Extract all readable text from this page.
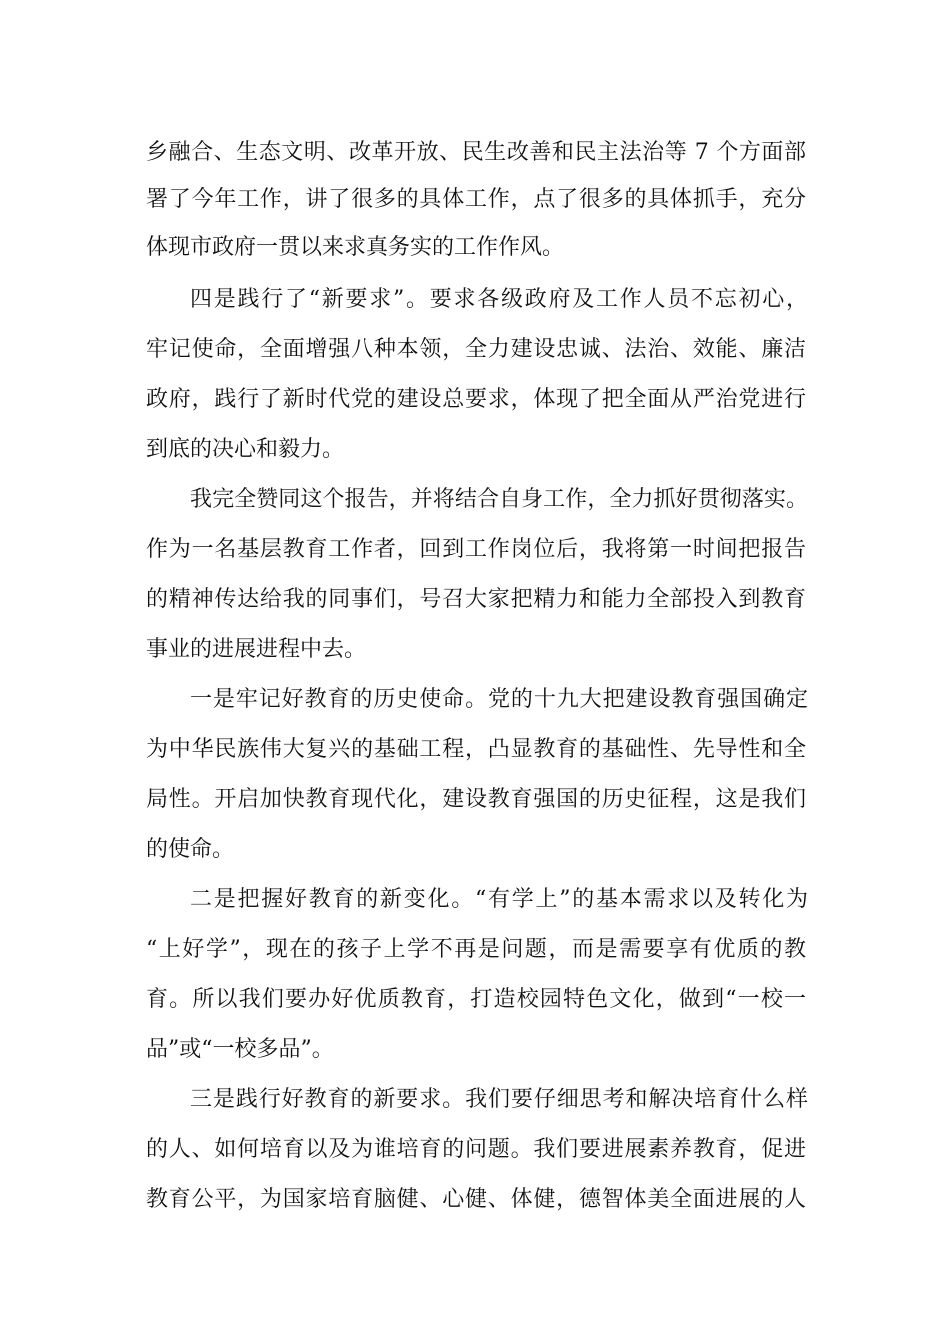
乡融合、生态文明、改革开放、民生改善和民主法治等 7 个方面部
署了今年工作，讲了很多的具体工作，点了很多的具体抓手，充分
体现市政府一贯以来求真务实的工作作风。
四是践行了“新要求”。要求各级政府及工作人员不忘初心，
牢记使命，全面增强八种本领，全力建设忠诚、法治、效能、廉洁
政府，践行了新时代党的建设总要求，体现了把全面从严治党进行
到底的决心和毅力。
我完全赞同这个报告，并将结合自身工作，全力抓好贯彻落实。
作为一名基层教育工作者，回到工作岗位后，我将第一时间把报告
的精神传达给我的同事们，号召大家把精力和能力全部投入到教育
事业的进展进程中去。
一是牢记好教育的历史使命。党的十九大把建设教育强国确定
为中华民族伟大复兴的基础工程，凸显教育的基础性、先导性和全
局性。开启加快教育现代化，建设教育强国的历史征程，这是我们
的使命。
二是把握好教育的新变化。“有学上”的基本需求以及转化为
“上好学”，现在的孩子上学不再是问题，而是需要享有优质的教
育。所以我们要办好优质教育，打造校园特色文化，做到“一校一
品”或“一校多品”。
三是践行好教育的新要求。我们要仔细思考和解决培育什么样
的人、如何培育以及为谁培育的问题。我们要进展素养教育，促进
教育公平，为国家培育脑健、心健、体健，德智体美全面进展的人
